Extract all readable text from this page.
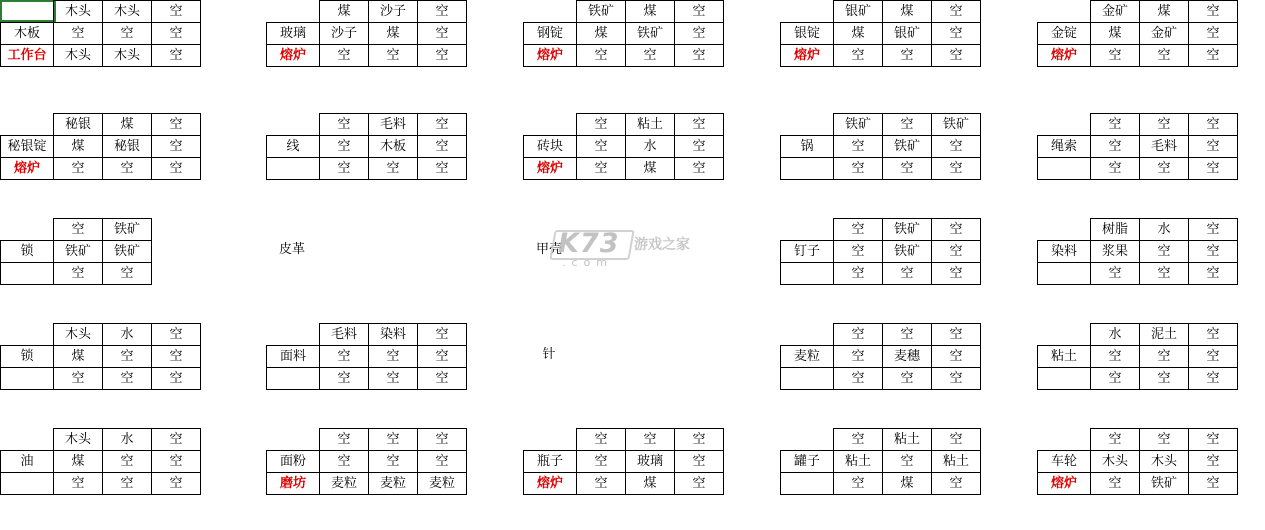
	木头	木头	空
木板	空	空	空
工作台	木头	木头	空
	煤	沙子	空
玻璃	沙子	煤	空
熔炉	空	空	空
	铁矿	煤	空
钢锭	煤	铁矿	空
熔炉	空	空	空
	银矿	煤	空
银锭	煤	银矿	空
熔炉	空	空	空
	金矿	煤	空
金锭	煤	金矿	空
熔炉	空	空	空
	秘银	煤	空
秘银锭	煤	秘银	空
熔炉	空	空	空
	空	毛料	空
线	空	木板	空
	空	空	空
	空	粘土	空
砖块	空	水	空
熔炉	空	煤	空
	铁矿	空	铁矿
锅	空	铁矿	空
	空	空	空
	空	空	空
绳索	空	毛料	空
	空	空	空
	空	铁矿	
锁	铁矿	铁矿	
	空	空	

皮革			

				甲壳			

	空	铁矿	空
钉子	空	铁矿	空
	空	空	空
	树脂	水	空
染料	浆果	空	空
	空	空	空
	木头	水	空
锁	煤	空	空
	空	空	空
	毛料	染料	空
面料	空	空	空
	空	空	空

针			

	空	空	空
麦粒	空	麦穗	空
	空	空	空
	水	泥土	空
粘土	空	空	空
	空	空	空
	木头	水	空
油	煤	空	空
	空	空	空
	空	空	空
面粉	空	空	空
磨坊	麦粒	麦粒	麦粒
	空	空	空
瓶子	空	玻璃	空
熔炉	空	煤	空
	空	粘土	空
罐子	粘土	空	粘土
	空	煤	空
	空	空	空
车轮	木头	木头	空
熔炉	空	铁矿	空
K73
.com
游戏之家
